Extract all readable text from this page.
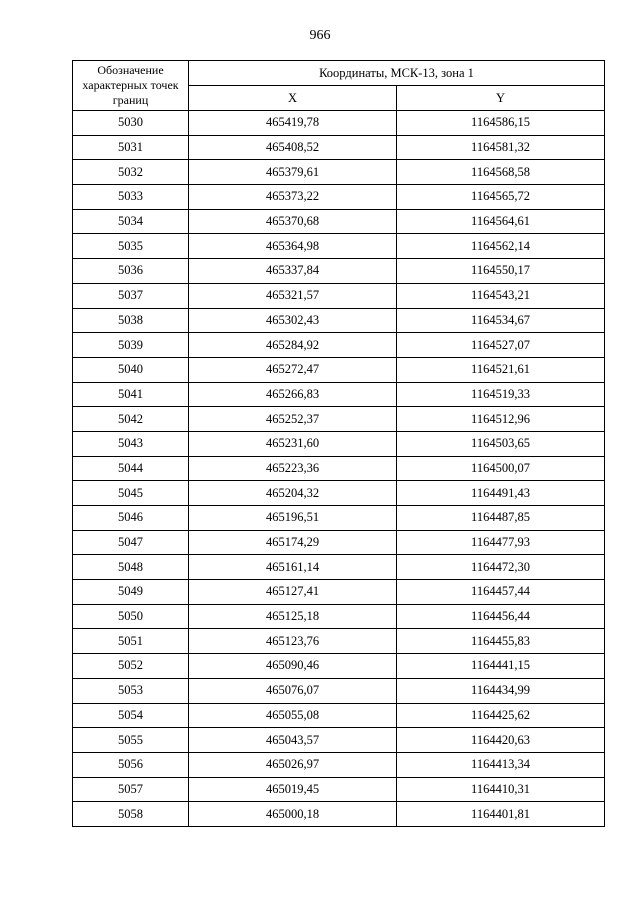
966
Обозначение характерных точек границ	Координаты, МСК-13, зона 1	
	X	Y
5030	465419,78	1164586,15
5031	465408,52	1164581,32
5032	465379,61	1164568,58
5033	465373,22	1164565,72
5034	465370,68	1164564,61
5035	465364,98	1164562,14
5036	465337,84	1164550,17
5037	465321,57	1164543,21
5038	465302,43	1164534,67
5039	465284,92	1164527,07
5040	465272,47	1164521,61
5041	465266,83	1164519,33
5042	465252,37	1164512,96
5043	465231,60	1164503,65
5044	465223,36	1164500,07
5045	465204,32	1164491,43
5046	465196,51	1164487,85
5047	465174,29	1164477,93
5048	465161,14	1164472,30
5049	465127,41	1164457,44
5050	465125,18	1164456,44
5051	465123,76	1164455,83
5052	465090,46	1164441,15
5053	465076,07	1164434,99
5054	465055,08	1164425,62
5055	465043,57	1164420,63
5056	465026,97	1164413,34
5057	465019,45	1164410,31
5058	465000,18	1164401,81
